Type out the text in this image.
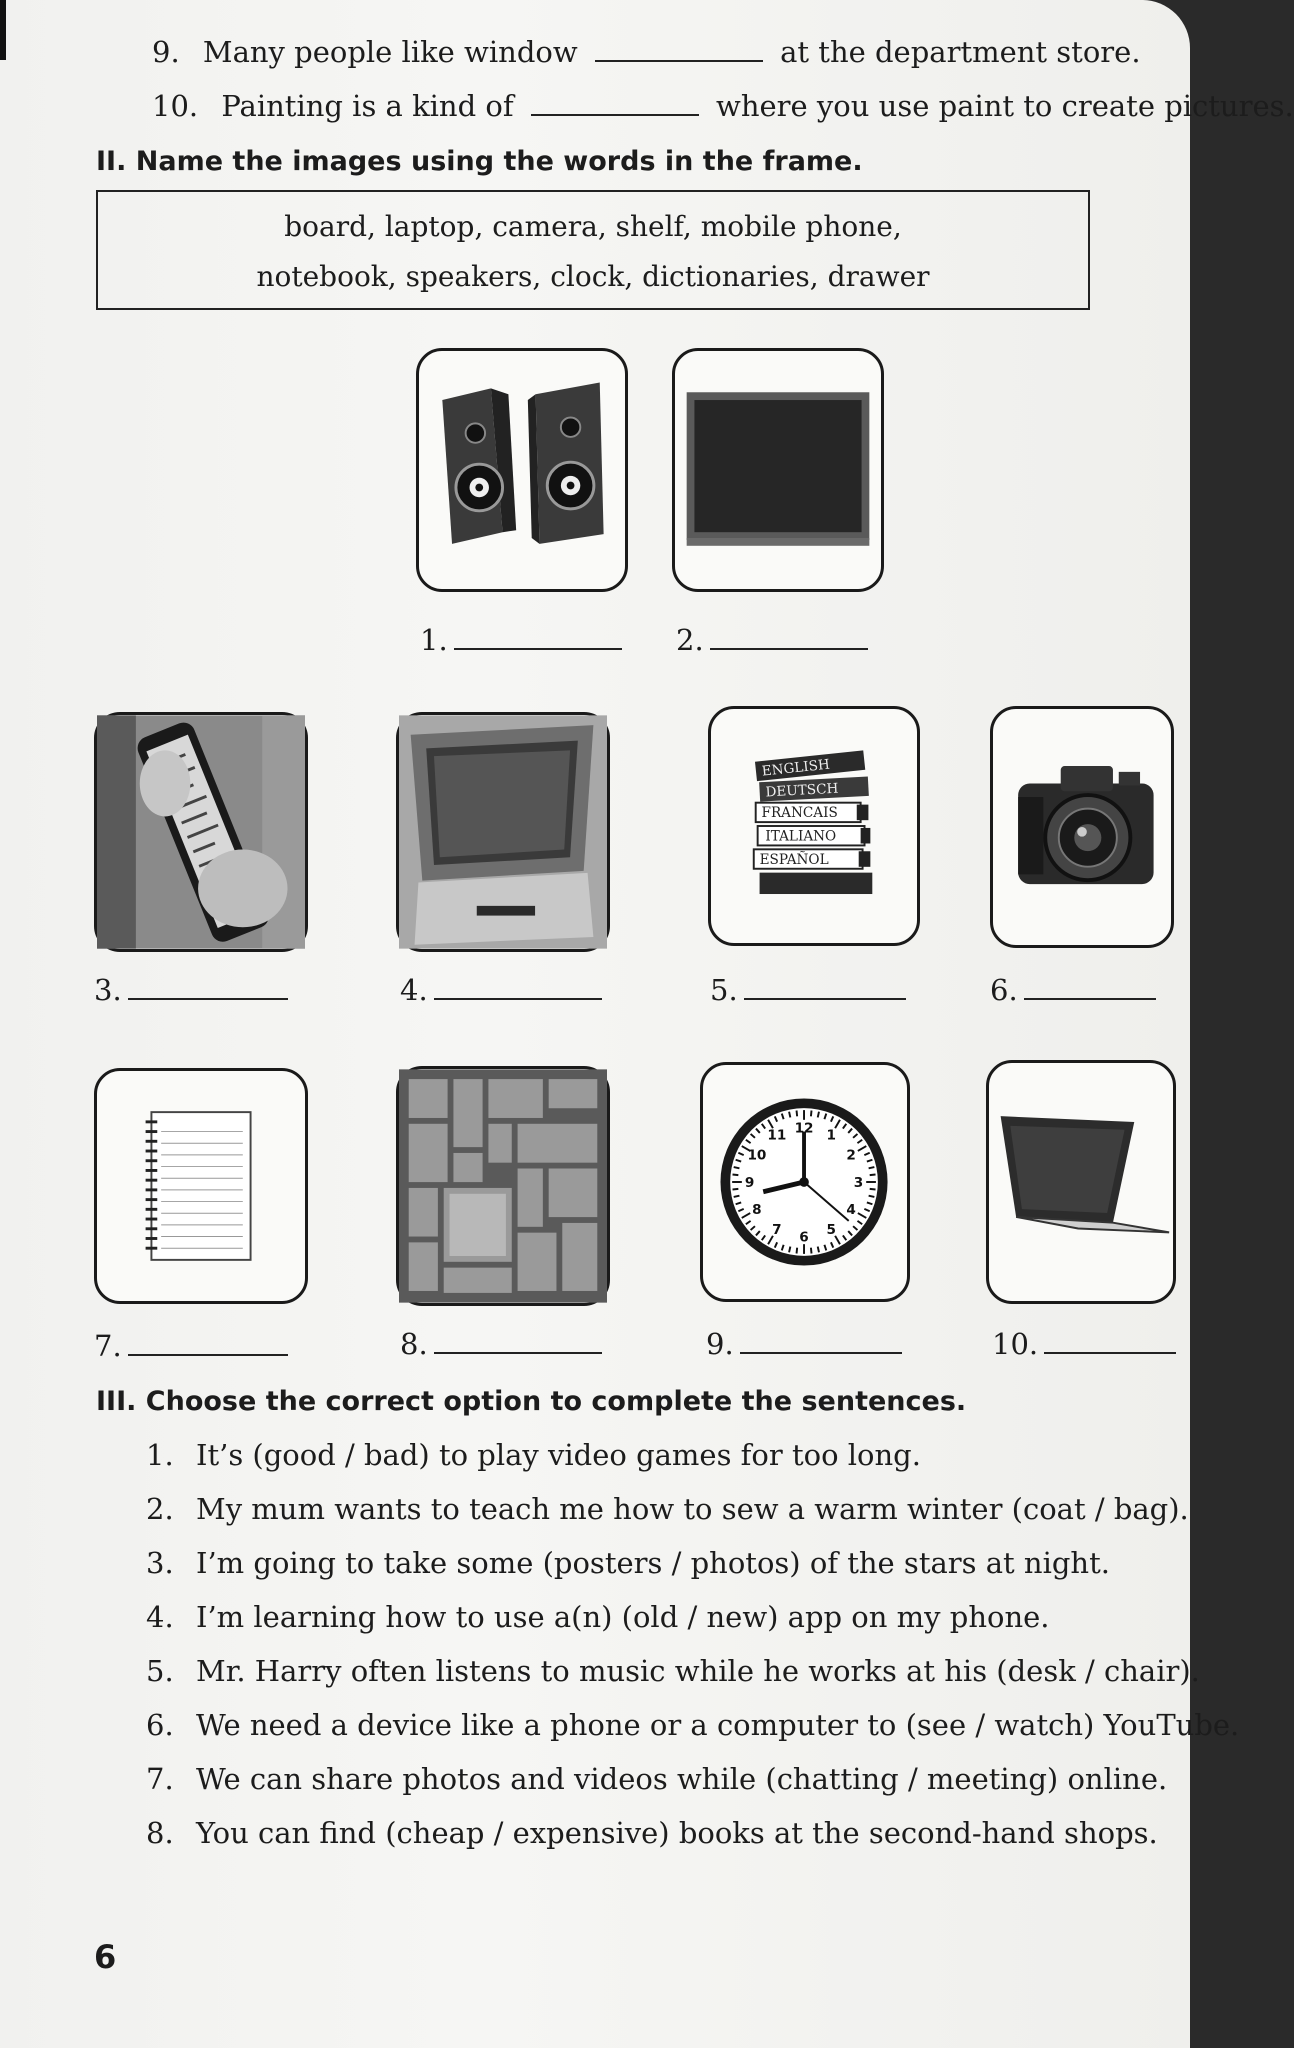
9. Many people like window	at the department store.
10. Painting is a kind of	where you use paint to create pictures.
II. Name the images using the words in the frame.
board, laptop, camera, shelf, mobile phone,
notebook, speakers, clock, dictionaries, drawer
1.	2.
ENGLISH
DEUTSCH
FRANCAIS
ITALIANO
ESPAÑOL
3.	4.	5.	6.
12 1
2
3
4
5
6
7
8
9
10
11
7.	8.	9.	10.
III. Choose the correct option to complete the sentences.
1. It’s (good / bad) to play video games for too long.
2. My mum wants to teach me how to sew a warm winter (coat / bag).
3. I’m going to take some (posters / photos) of the stars at night.
4. I’m learning how to use a(n) (old / new) app on my phone.
5. Mr. Harry often listens to music while he works at his (desk / chair).
6. We need a device like a phone or a computer to (see / watch) YouTube.
7. We can share photos and videos while (chatting / meeting) online.
8. You can find (cheap / expensive) books at the second-hand shops.
6
